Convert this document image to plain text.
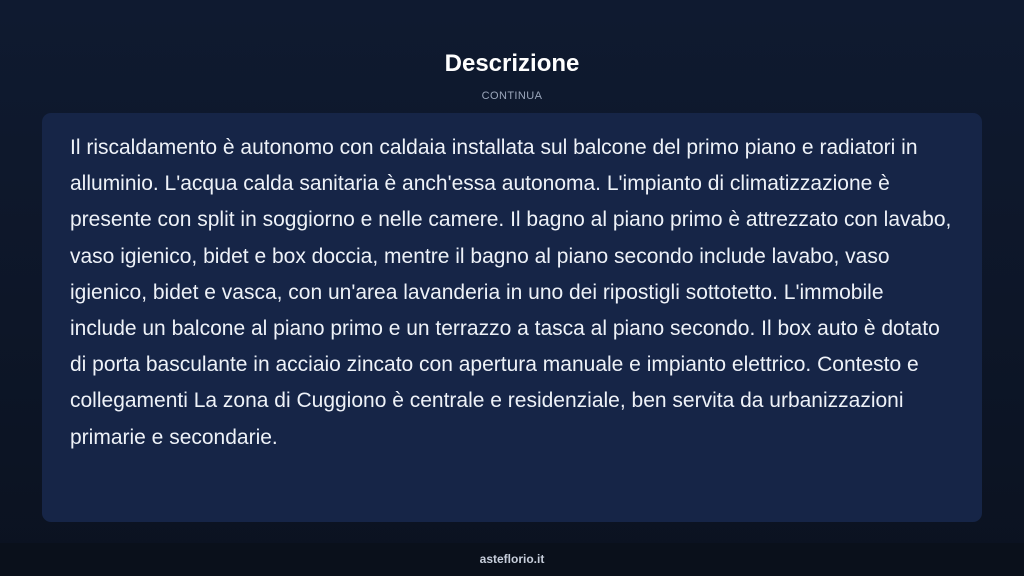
Descrizione
CONTINUA

Il riscaldamento è autonomo con caldaia installata sul balcone del primo piano e radiatori in alluminio. L'acqua calda sanitaria è anch'essa autonoma. L'impianto di climatizzazione è presente con split in soggiorno e nelle camere. Il bagno al piano primo è attrezzato con lavabo, vaso igienico, bidet e box doccia, mentre il bagno al piano secondo include lavabo, vaso igienico, bidet e vasca, con un'area lavanderia in uno dei ripostigli sottotetto. L'immobile include un balcone al piano primo e un terrazzo a tasca al piano secondo. Il box auto è dotato di porta basculante in acciaio zincato con apertura manuale e impianto elettrico. Contesto e collegamenti La zona di Cuggiono è centrale e residenziale, ben servita da urbanizzazioni primarie e secondarie.

asteflorio.it
